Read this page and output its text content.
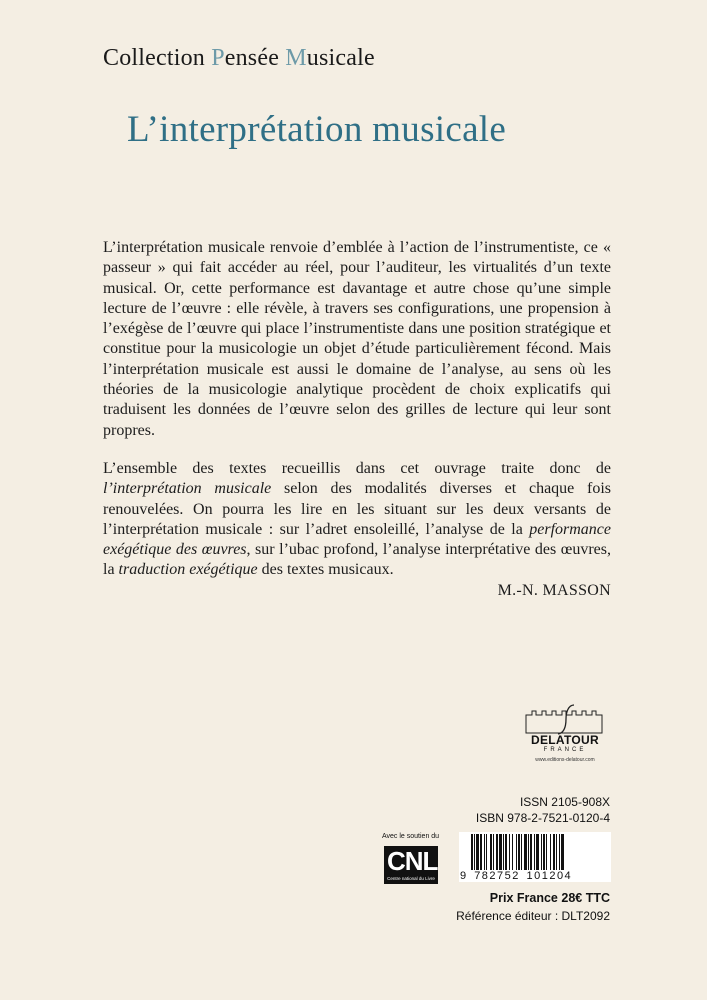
Collection Pensée Musicale
L’interprétation musicale

L’interprétation musicale renvoie d’emblée à l’action de l’instrumentiste, ce « passeur » qui fait accéder au réel, pour l’auditeur, les virtualités d’un texte musical. Or, cette performance est davantage et autre chose qu’une simple lecture de l’œuvre : elle révèle, à travers ses configurations, une propension à l’exégèse de l’œuvre qui place l’instrumentiste dans une position stratégique et constitue pour la musicologie un objet d’étude particulièrement fécond. Mais l’interprétation musicale est aussi le domaine de l’analyse, au sens où les théories de la musicologie analytique procèdent de choix explicatifs qui traduisent les données de l’œuvre selon des grilles de lecture qui leur sont propres.

L’ensemble des textes recueillis dans cet ouvrage traite donc de l’interprétation musicale selon des modalités diverses et chaque fois renouvelées. On pourra les lire en les situant sur les deux versants de l’interprétation musicale : sur l’adret ensoleillé, l’analyse de la performance exégétique des œuvres, sur l’ubac profond, l’analyse interprétative des œuvres, la traduction exégétique des textes musicaux.

M.-N. MASSON
DELATOUR
FRANCE
www.editions-delatour.com
ISSN 2105-908X
ISBN 978-2-7521-0120-4
Avec le soutien du
CNL
Centre national du Livre 9 782752 101204
Prix France 28€ TTC
Référence éditeur : DLT2092
